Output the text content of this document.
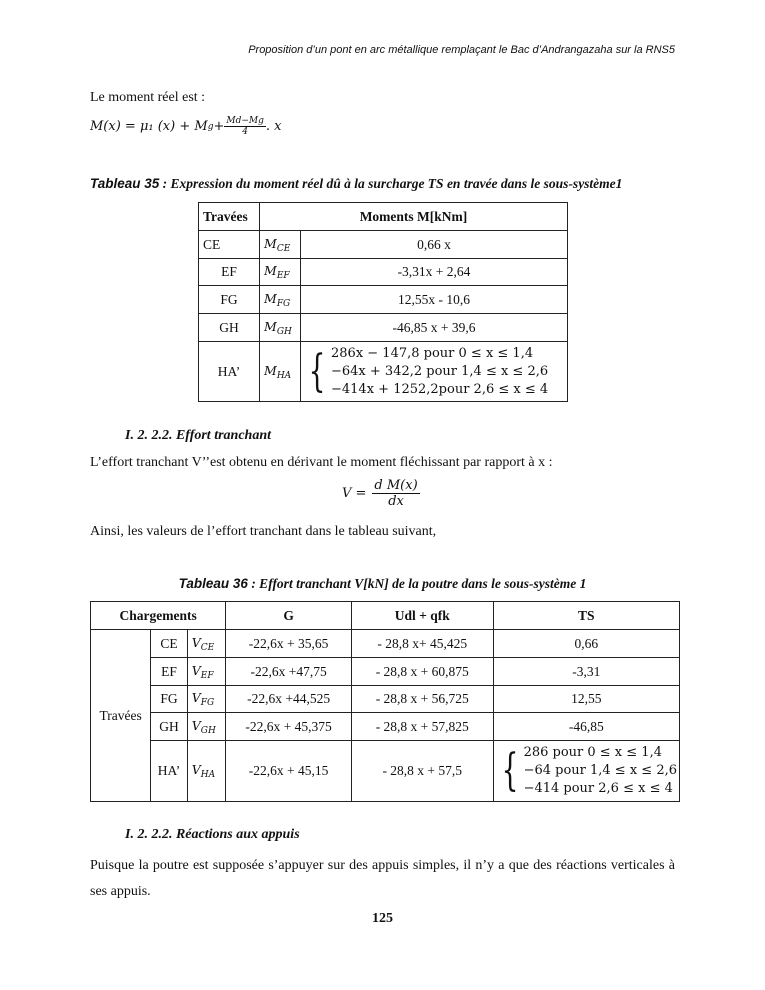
Proposition d’un pont en arc métallique remplaçant le Bac d’Andrangazaha sur la RNS5
Le moment réel est :
M(x) = μ₁ (x) + M $g + \frac{Md-Mg}{4}$ . x
Tableau 35 : Expression du moment réel dû à la surcharge TS en travée dans le sous-système1
Travées	Moments M[kNm]	
CE	$M_{CE}$	0,66 x
EF	$M_{EF}$	-3,31x + 2,64
FG	$M_{FG}$	12,55x - 10,6
GH	$M_{GH}$	-46,85 x + 39,6
HA’	$M_{HA}$	{ 286x − 147,8 pour 0 ≤ x ≤ 1,4
−64x + 342,2 pour 1,4 ≤ x ≤ 2,6
−414x + 1252,2pour 2,6 ≤ x ≤ 4
I. 2. 2.2. Effort tranchant
L’effort tranchant V’’est obtenu en dérivant le moment fléchissant par rapport à x :
$V = \frac{\text{d M(x)}}{dx}$
Ainsi, les valeurs de l’effort tranchant dans le tableau suivant,
Tableau 36 : Effort tranchant V[kN] de la poutre dans le sous-système 1
Chargements			G	Udl + qfk	TS
Travées	CE	$V_{CE}$	-22,6x + 35,65	- 28,8 x+ 45,425	0,66
	EF	$V_{EF}$	-22,6x +47,75	- 28,8 x + 60,875	-3,31
	FG	$V_{FG}$	-22,6x +44,525	- 28,8 x + 56,725	12,55
	GH	$V_{GH}$	-22,6x + 45,375	- 28,8 x + 57,825	-46,85
	HA’	$V_{HA}$	-22,6x + 45,15	- 28,8 x + 57,5	{ 286 pour 0 ≤ x ≤ 1,4
−64 pour 1,4 ≤ x ≤ 2,6
−414 pour 2,6 ≤ x ≤ 4
I. 2. 2.2. Réactions aux appuis
Puisque la poutre est supposée s’appuyer sur des appuis simples, il n’y a que des réactions verticales à ses appuis.
125
